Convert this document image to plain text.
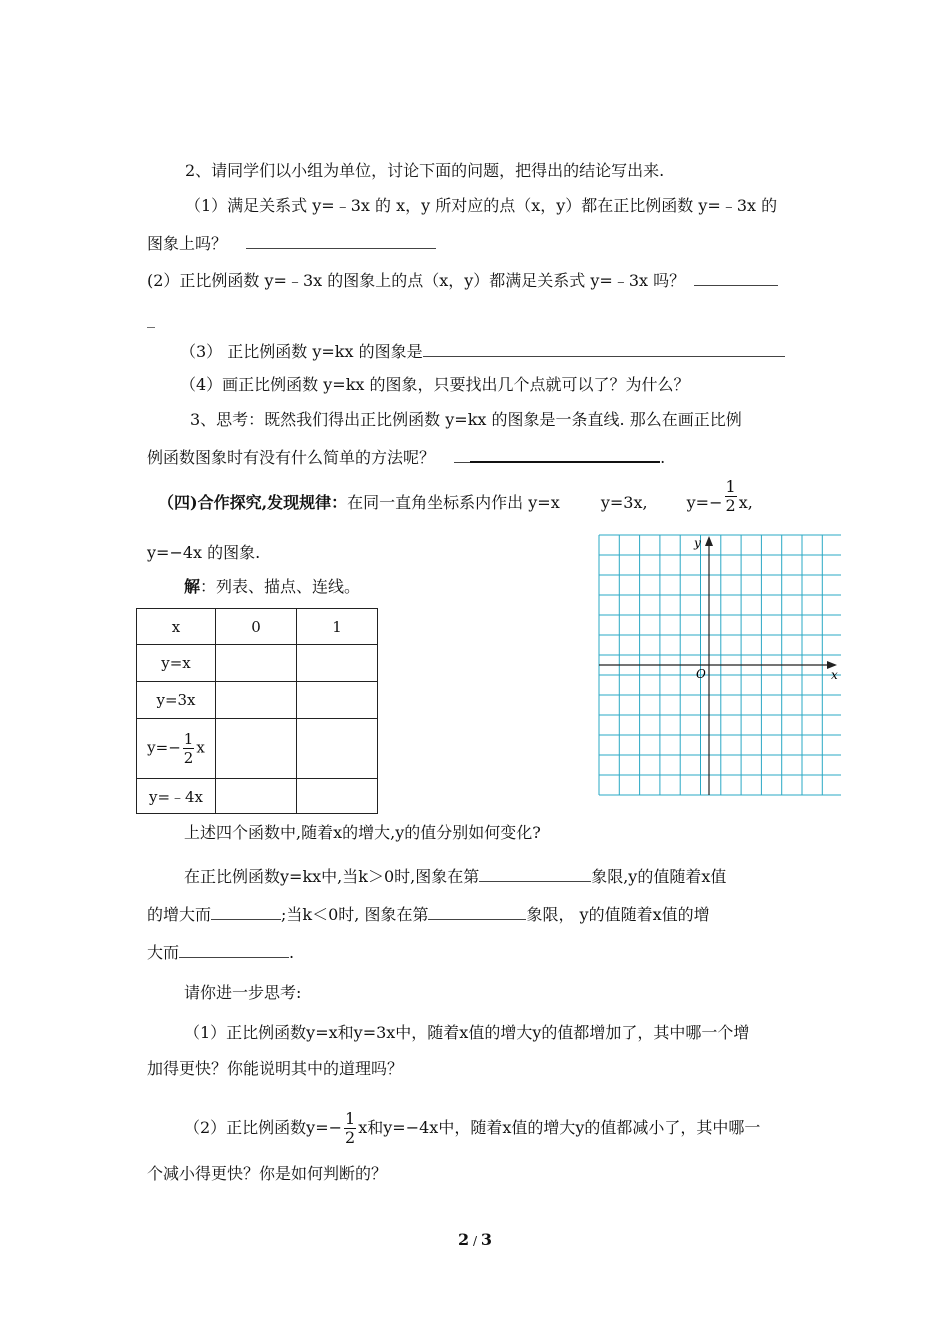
2、请同学们以小组为单位，讨论下面的问题，把得出的结论写出来.
（1）满足关系式 y=﹣3x 的 x，y 所对应的点（x，y）都在正比例函数 y=﹣3x 的
图象上吗？
(2）正比例函数 y=﹣3x 的图象上的点（x，y）都满足关系式 y=﹣3x 吗？
_
（3） 正比例函数 y=kx 的图象是
（4）画正比例函数 y=kx 的图象，只要找出几个点就可以了？为什么？
3、思考：既然我们得出正比例函数 y=kx 的图象是一条直线. 那么在画正比例
例函数图象时有没有什么简单的方法呢？	.
（四)合作探究,发现规律：在同一直角坐标系内作出 y=x	y=3x, $y=- \frac{1}{2} x$,
y=−4x 的图象.
解：列表、描点、连线。
x	0	1
y=x		
y=3x		
$y=- \frac{1}{2}$ x		
y=﹣4x		
x
y
O
上述四个函数中,随着x的增大,y的值分别如何变化?
在正比例函数y=kx中,当k＞0时,图象在第	象限,y的值随着x值
的增大而	;当k＜0时, 图象在第	象限， y的值随着x值的增
大而	.
请你进一步思考:
（1）正比例函数y=x和y=3x中，随着x值的增大y的值都增加了，其中哪一个增
加得更快？你能说明其中的道理吗？
（2）正比例函数$y=- \frac{1}{2}$ x和y=−4x中，随着x值的增大y的值都减小了，其中哪一
个减小得更快？你是如何判断的？
2 / 3
